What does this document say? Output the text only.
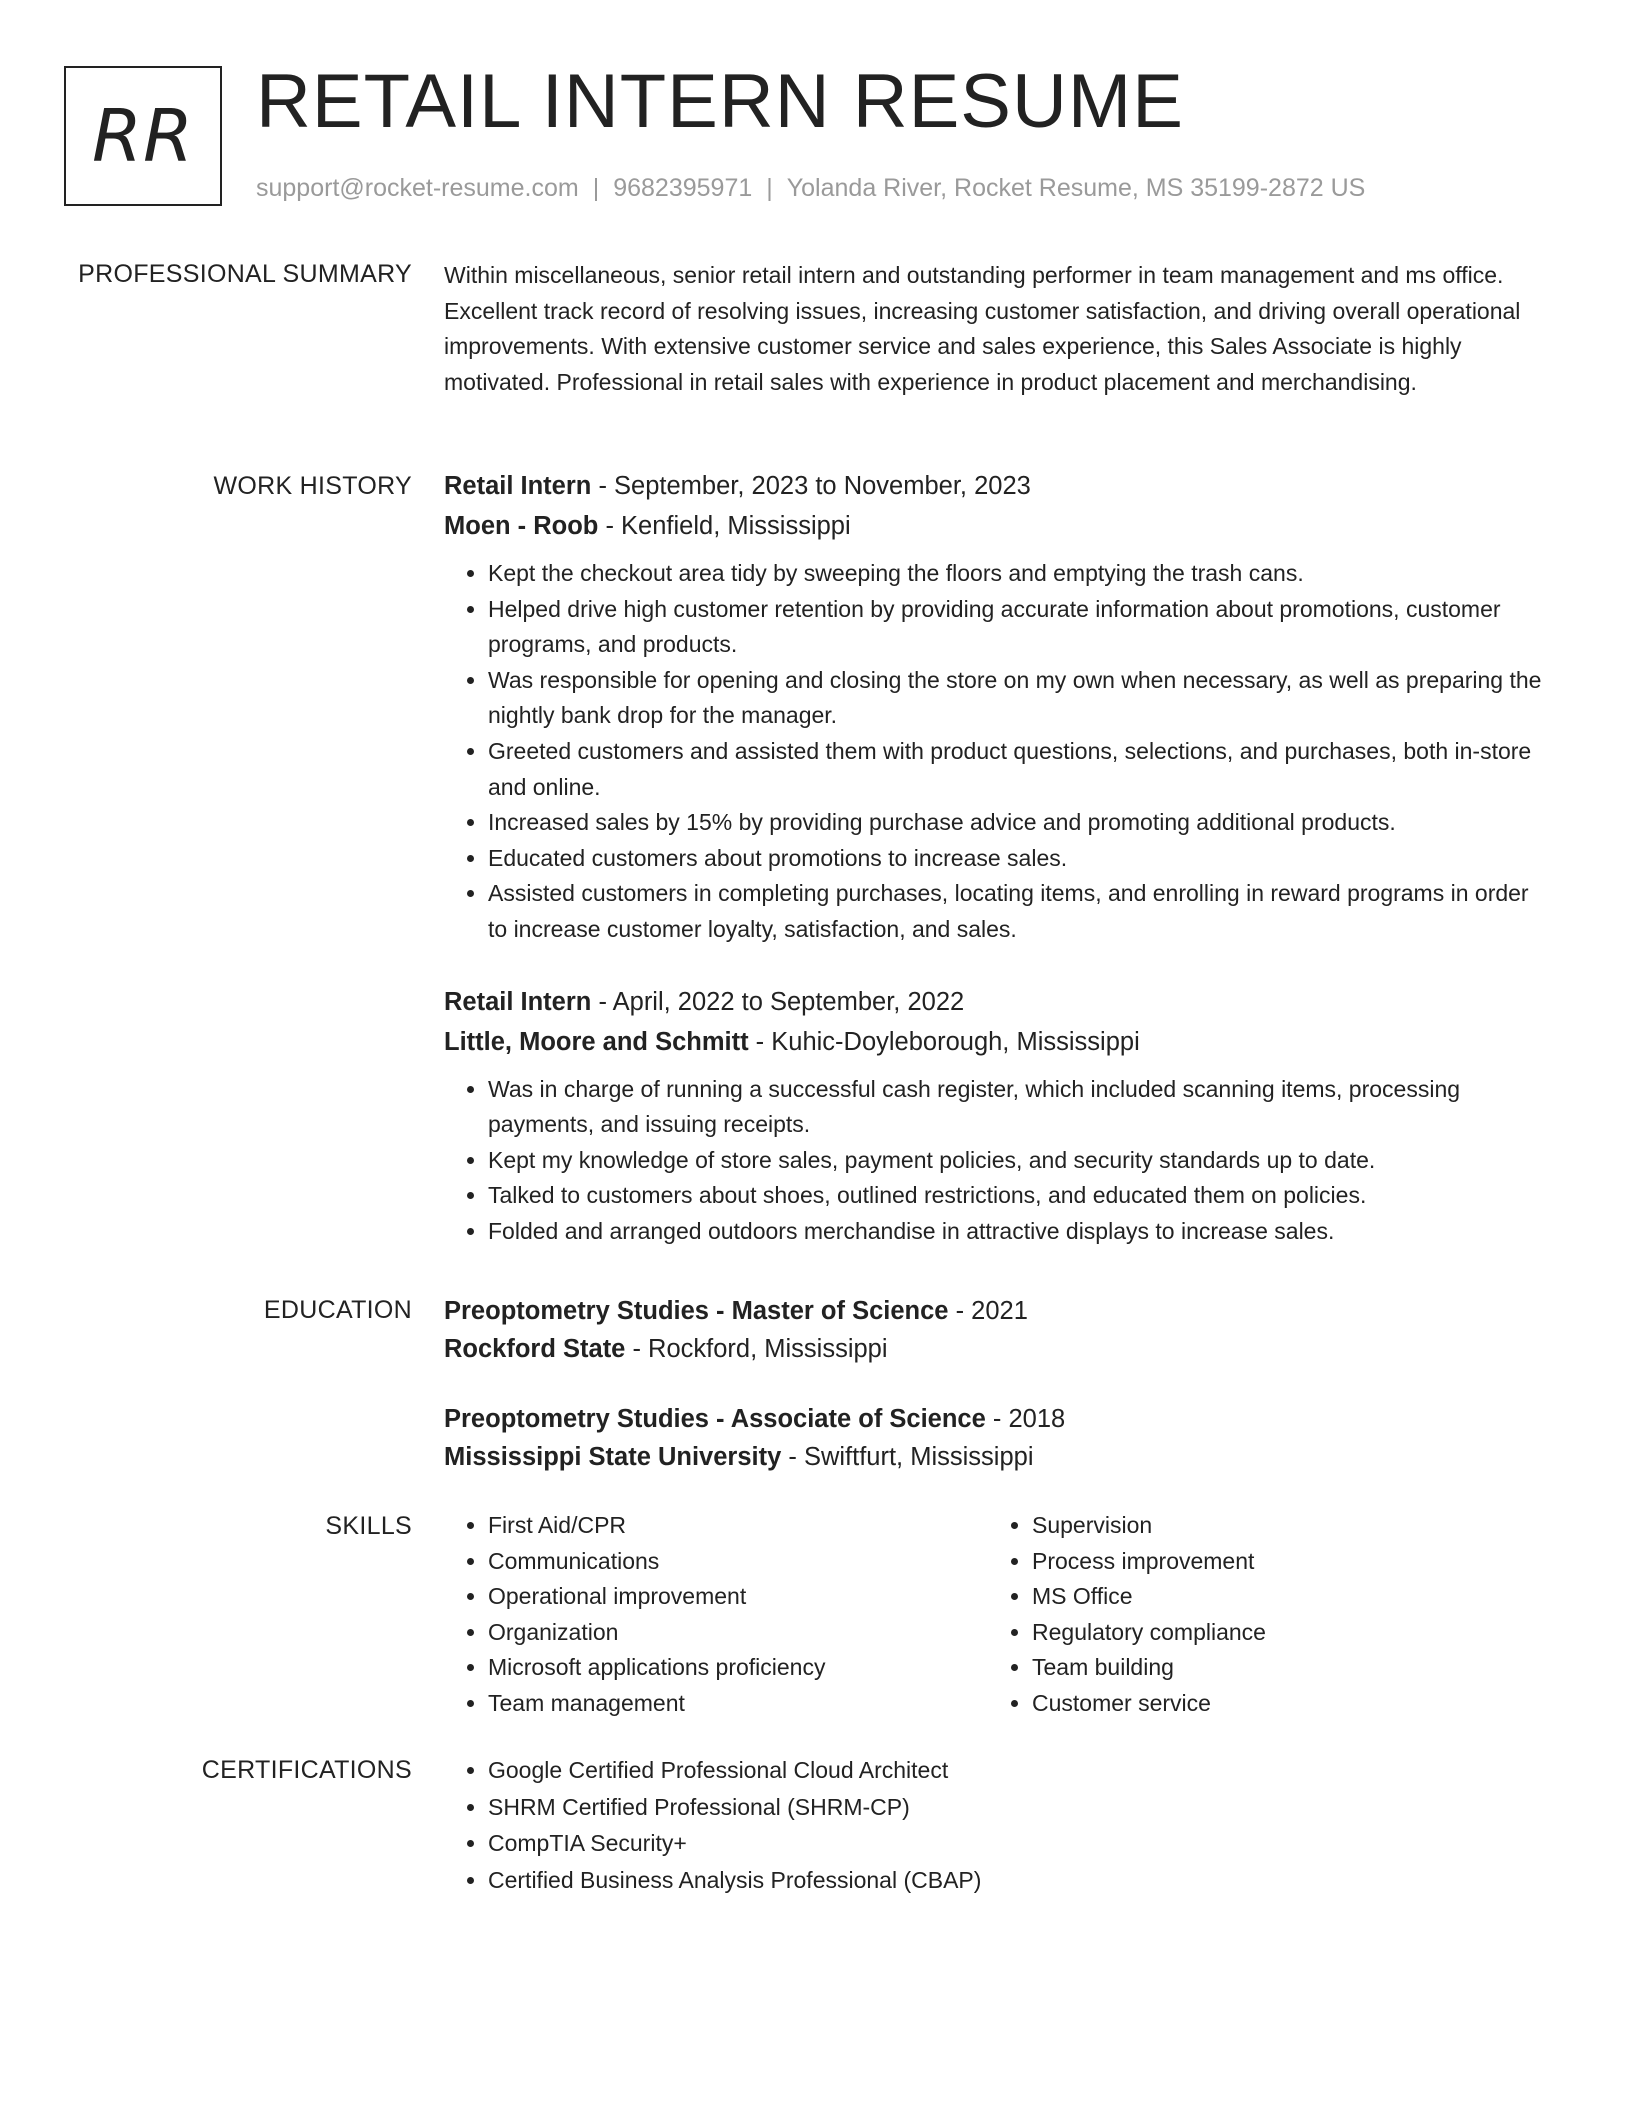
RR RETAIL INTERN RESUME
support@rocket-resume.com | 9682395971 | Yolanda River, Rocket Resume, MS 35199-2872 US
PROFESSIONAL SUMMARY Within miscellaneous, senior retail intern and outstanding performer in team management and ms office. Excellent track record of resolving issues, increasing customer satisfaction, and driving overall operational improvements. With extensive customer service and sales experience, this Sales Associate is highly motivated. Professional in retail sales with experience in product placement and merchandising.

WORK HISTORY Retail Intern - September, 2023 to November, 2023
Moen - Roob - Kenfield, Mississippi
• Kept the checkout area tidy by sweeping the floors and emptying the trash cans.
• Helped drive high customer retention by providing accurate information about promotions, customer programs, and products.
• Was responsible for opening and closing the store on my own when necessary, as well as preparing the nightly bank drop for the manager.
• Greeted customers and assisted them with product questions, selections, and purchases, both in-store and online.
• Increased sales by 15% by providing purchase advice and promoting additional products.
• Educated customers about promotions to increase sales.
• Assisted customers in completing purchases, locating items, and enrolling in reward programs in order to increase customer loyalty, satisfaction, and sales.
Retail Intern - April, 2022 to September, 2022
Little, Moore and Schmitt - Kuhic-Doyleborough, Mississippi
• Was in charge of running a successful cash register, which included scanning items, processing payments, and issuing receipts.
• Kept my knowledge of store sales, payment policies, and security standards up to date.
• Talked to customers about shoes, outlined restrictions, and educated them on policies.
• Folded and arranged outdoors merchandise in attractive displays to increase sales.
EDUCATION Preoptometry Studies - Master of Science - 2021
Rockford State - Rockford, Mississippi
Preoptometry Studies - Associate of Science - 2018
Mississippi State University - Swiftfurt, Mississippi
SKILLS	• First Aid/CPR
• Communications
• Operational improvement
• Organization
• Microsoft applications proficiency
• Team management
• Supervision
• Process improvement
• MS Office
• Regulatory compliance
• Team building
• Customer service
CERTIFICATIONS	• Google Certified Professional Cloud Architect
• SHRM Certified Professional (SHRM-CP)
• CompTIA Security+
• Certified Business Analysis Professional (CBAP)
